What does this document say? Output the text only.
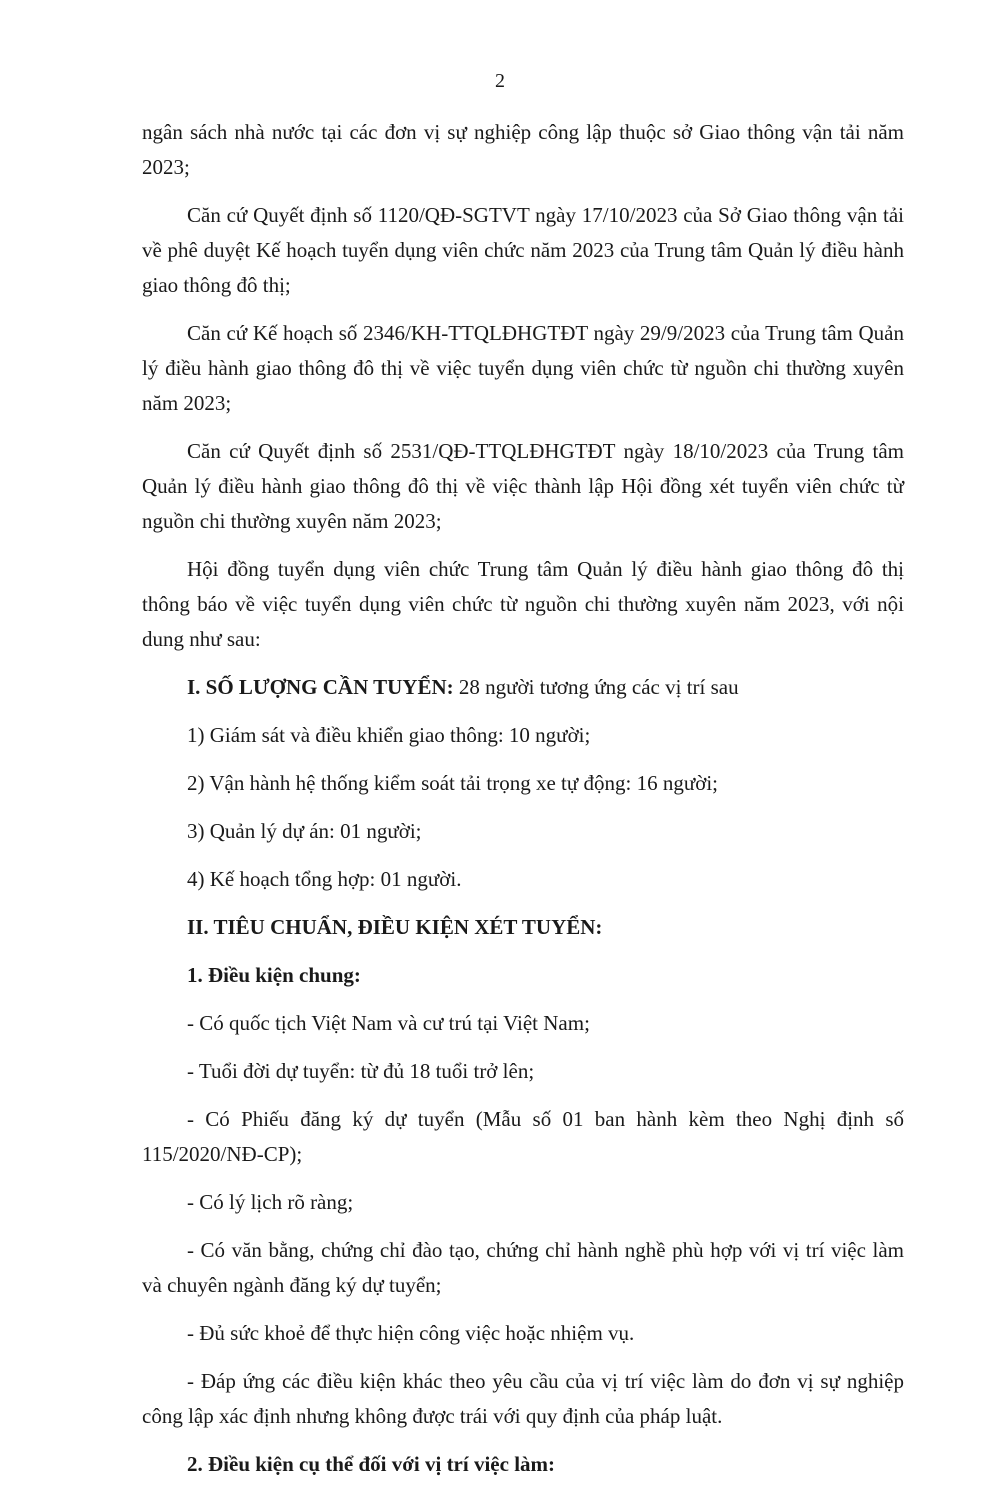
2

ngân sách nhà nước tại các đơn vị sự nghiệp công lập thuộc sở Giao thông vận tải năm 2023;

Căn cứ Quyết định số 1120/QĐ-SGTVT ngày 17/10/2023 của Sở Giao thông vận tải về phê duyệt Kế hoạch tuyển dụng viên chức năm 2023 của Trung tâm Quản lý điều hành giao thông đô thị;

Căn cứ Kế hoạch số 2346/KH-TTQLĐHGTĐT ngày 29/9/2023 của Trung tâm Quản lý điều hành giao thông đô thị về việc tuyển dụng viên chức từ nguồn chi thường xuyên năm 2023;

Căn cứ Quyết định số 2531/QĐ-TTQLĐHGTĐT ngày 18/10/2023 của Trung tâm Quản lý điều hành giao thông đô thị về việc thành lập Hội đồng xét tuyển viên chức từ nguồn chi thường xuyên năm 2023;

Hội đồng tuyển dụng viên chức Trung tâm Quản lý điều hành giao thông đô thị thông báo về việc tuyển dụng viên chức từ nguồn chi thường xuyên năm 2023, với nội dung như sau:

I. SỐ LƯỢNG CẦN TUYỂN: 28 người tương ứng các vị trí sau

1) Giám sát và điều khiển giao thông: 10 người;

2) Vận hành hệ thống kiểm soát tải trọng xe tự động: 16 người;

3) Quản lý dự án: 01 người;

4) Kế hoạch tổng hợp: 01 người.

II. TIÊU CHUẨN, ĐIỀU KIỆN XÉT TUYỂN:

1. Điều kiện chung:

- Có quốc tịch Việt Nam và cư trú tại Việt Nam;

- Tuổi đời dự tuyển: từ đủ 18 tuổi trở lên;

- Có Phiếu đăng ký dự tuyển (Mẫu số 01 ban hành kèm theo Nghị định số 115/2020/NĐ-CP);

- Có lý lịch rõ ràng;

- Có văn bằng, chứng chỉ đào tạo, chứng chỉ hành nghề phù hợp với vị trí việc làm và chuyên ngành đăng ký dự tuyển;

- Đủ sức khoẻ để thực hiện công việc hoặc nhiệm vụ.

- Đáp ứng các điều kiện khác theo yêu cầu của vị trí việc làm do đơn vị sự nghiệp công lập xác định nhưng không được trái với quy định của pháp luật.

2. Điều kiện cụ thể đối với vị trí việc làm:
